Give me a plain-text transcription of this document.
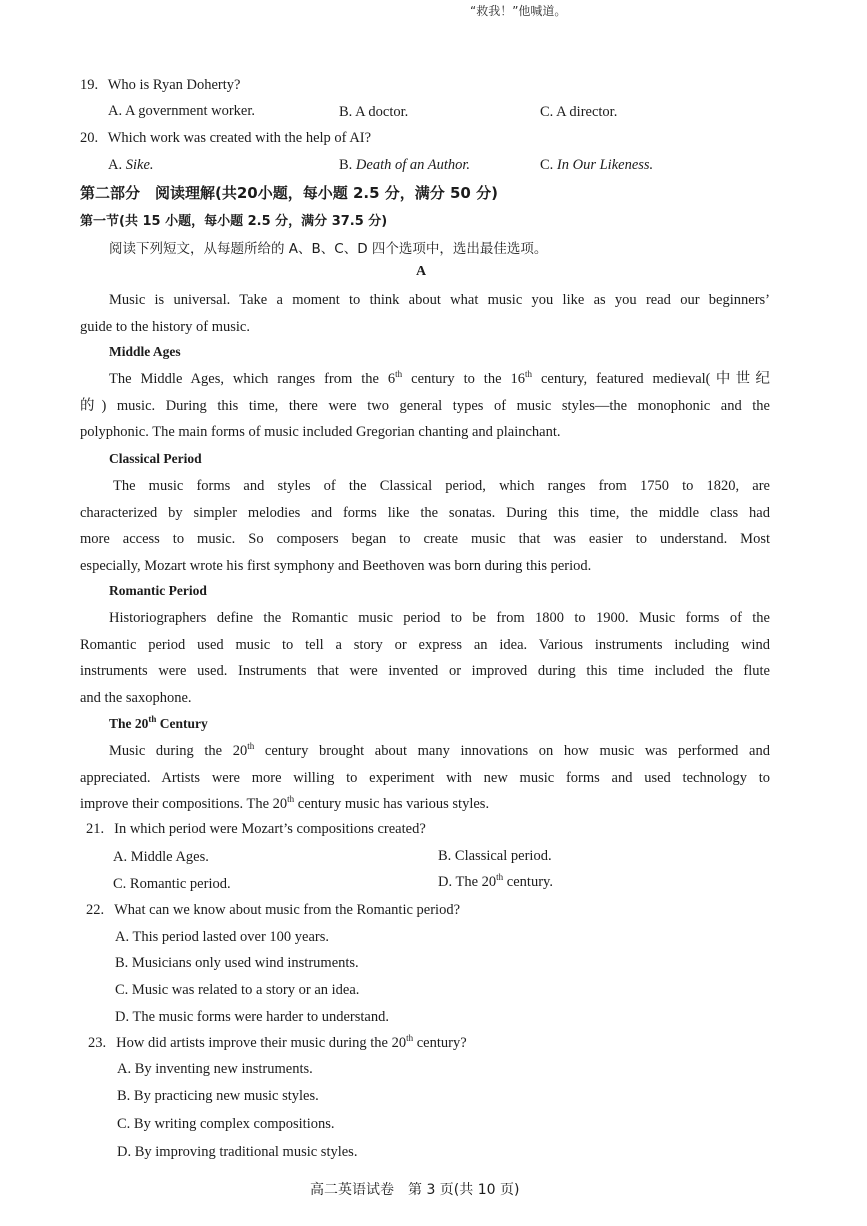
“救我！”他喊道。
19. Who is Ryan Doherty?
A. A government worker.	B. A doctor.	C. A director.
20. Which work was created with the help of AI?
A. Sike.	B. Death of an Author.	C. In Our Likeness.
第二部分　阅读理解(共20小题，每小题 2.5 分，满分 50 分)
第一节(共 15 小题，每小题 2.5 分，满分 37.5 分)
阅读下列短文，从每题所给的 A、B、C、D 四个选项中，选出最佳选项。
A
Music is universal. Take a moment to think about what music you like as you read our beginners’
guide to the history of music.
Middle Ages
The Middle Ages, which ranges from the 6th century to the 16th century, featured medieval(中世纪
的) music. During this time, there were two general types of music styles—the monophonic and the
polyphonic. The main forms of music included Gregorian chanting and plainchant.
Classical Period
The music forms and styles of the Classical period, which ranges from 1750 to 1820, are
characterized by simpler melodies and forms like the sonatas. During this time, the middle class had
more access to music. So composers began to create music that was easier to understand. Most
especially, Mozart wrote his first symphony and Beethoven was born during this period.
Romantic Period
Historiographers define the Romantic music period to be from 1800 to 1900. Music forms of the
Romantic period used music to tell a story or express an idea. Various instruments including wind
instruments were used. Instruments that were invented or improved during this time included the flute
and the saxophone.
The 20th Century
Music during the 20th century brought about many innovations on how music was performed and
appreciated. Artists were more willing to experiment with new music forms and used technology to
improve their compositions. The 20th century music has various styles.
21. In which period were Mozart’s compositions created?
A. Middle Ages.	B. Classical period.
C. Romantic period.	D. The 20th century.
22. What can we know about music from the Romantic period?
A. This period lasted over 100 years.
B. Musicians only used wind instruments.
C. Music was related to a story or an idea.
D. The music forms were harder to understand.
23. How did artists improve their music during the 20th century?
A. By inventing new instruments.
B. By practicing new music styles.
C. By writing complex compositions.
D. By improving traditional music styles.
高二英语试卷　第 3 页(共 10 页)
